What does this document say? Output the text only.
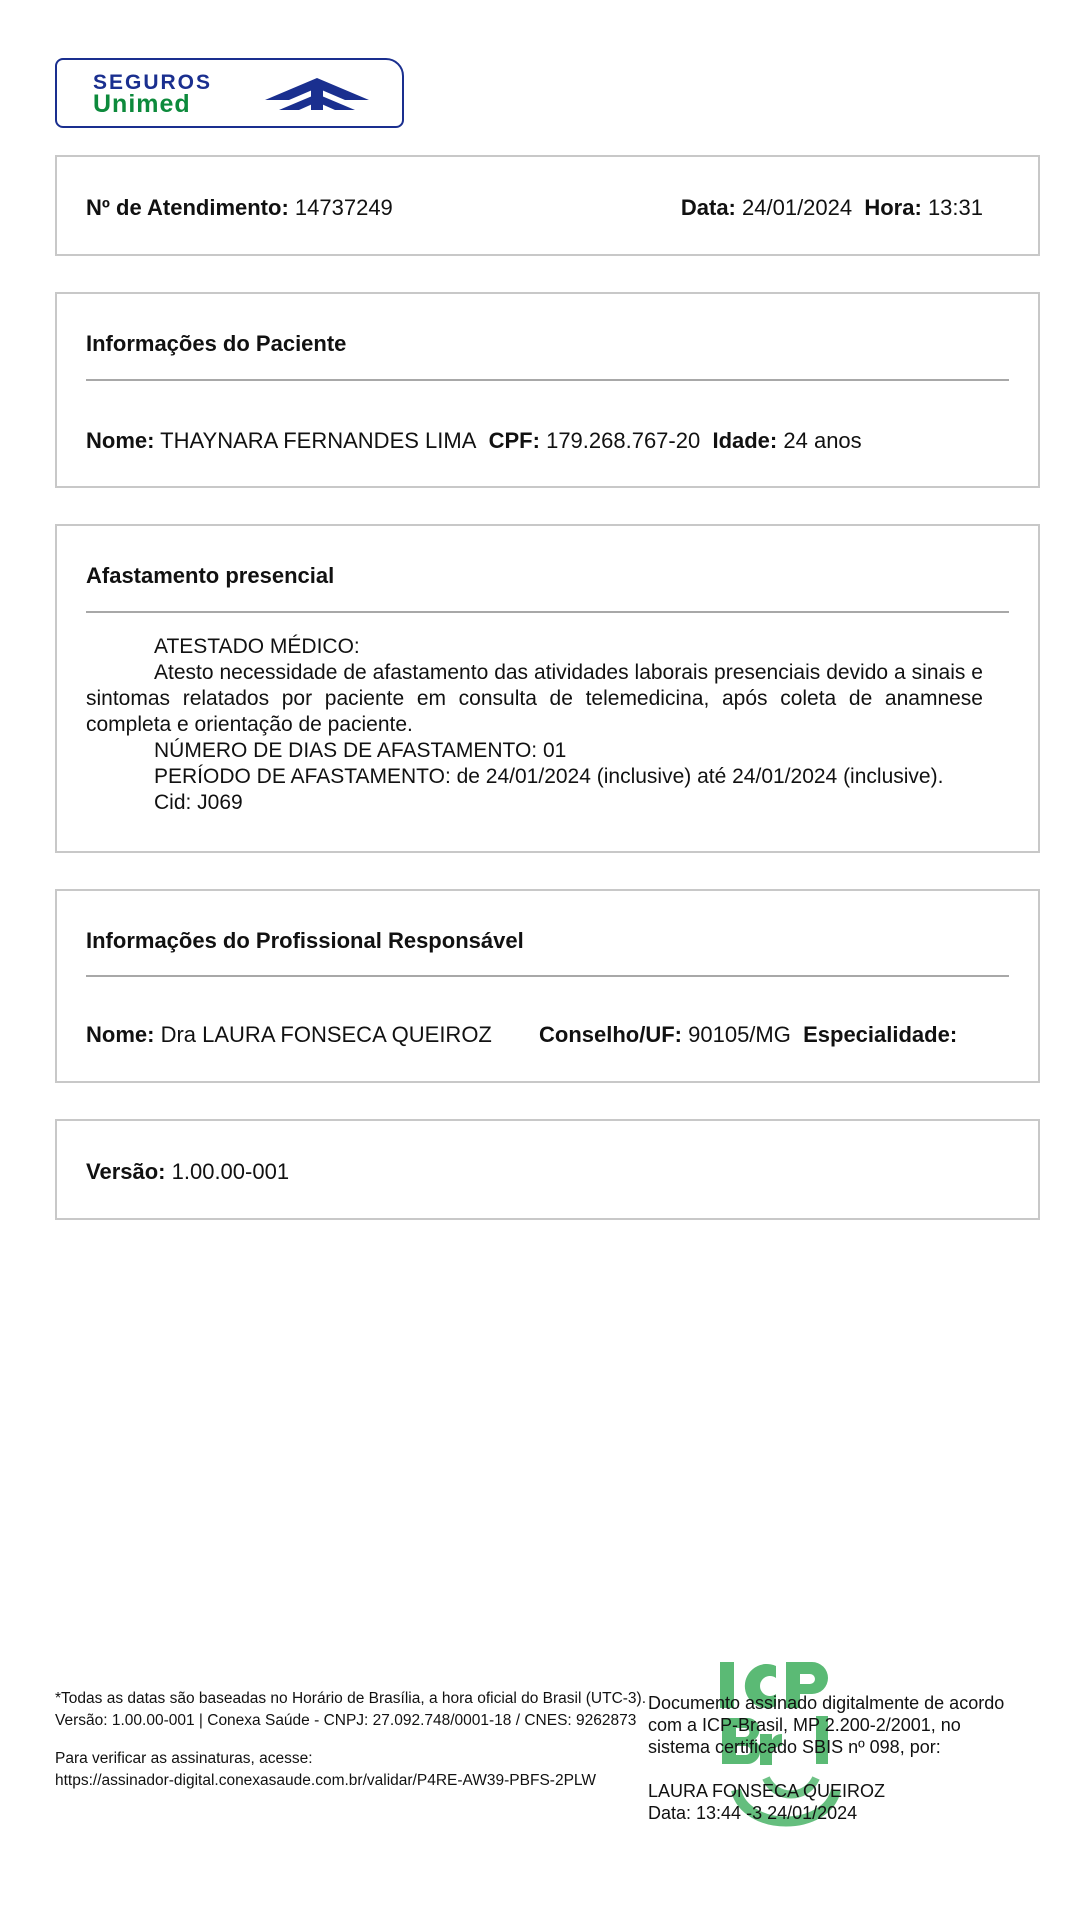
SEGUROS
Unimed
Nº de Atendimento: 14737249	Data: 24/01/2024 Hora: 13:31
Informações do Paciente
Nome: THAYNARA FERNANDES LIMA CPF: 179.268.767-20 Idade: 24 anos
Afastamento presencial

ATESTADO MÉDICO:

Atesto necessidade de afastamento das atividades laborais presenciais devido a sinais e sintomas relatados por paciente em consulta de telemedicina, após coleta de anamnese completa e orientação de paciente.

NÚMERO DE DIAS DE AFASTAMENTO: 01

PERÍODO DE AFASTAMENTO: de 24/01/2024 (inclusive) até 24/01/2024 (inclusive).

Cid: J069

Informações do Profissional Responsável
Nome: Dra LAURA FONSECA QUEIROZ Conselho/UF: 90105/MG Especialidade:
Versão: 1.00.00-001
*Todas as datas são baseadas no Horário de Brasília, a hora oficial do Brasil (UTC-3).
Versão: 1.00.00-001 | Conexa Saúde - CNPJ: 27.092.748/0001-18 / CNES: 9262873
Para verificar as assinaturas, acesse:
https://assinador-digital.conexasaude.com.br/validar/P4RE-AW39-PBFS-2PLW
Documento assinado digitalmente de acordo
com a ICP-Brasil, MP 2.200-2/2001, no
sistema certificado SBIS nº 098, por:
LAURA FONSECA QUEIROZ
Data: 13:44 -3 24/01/2024
